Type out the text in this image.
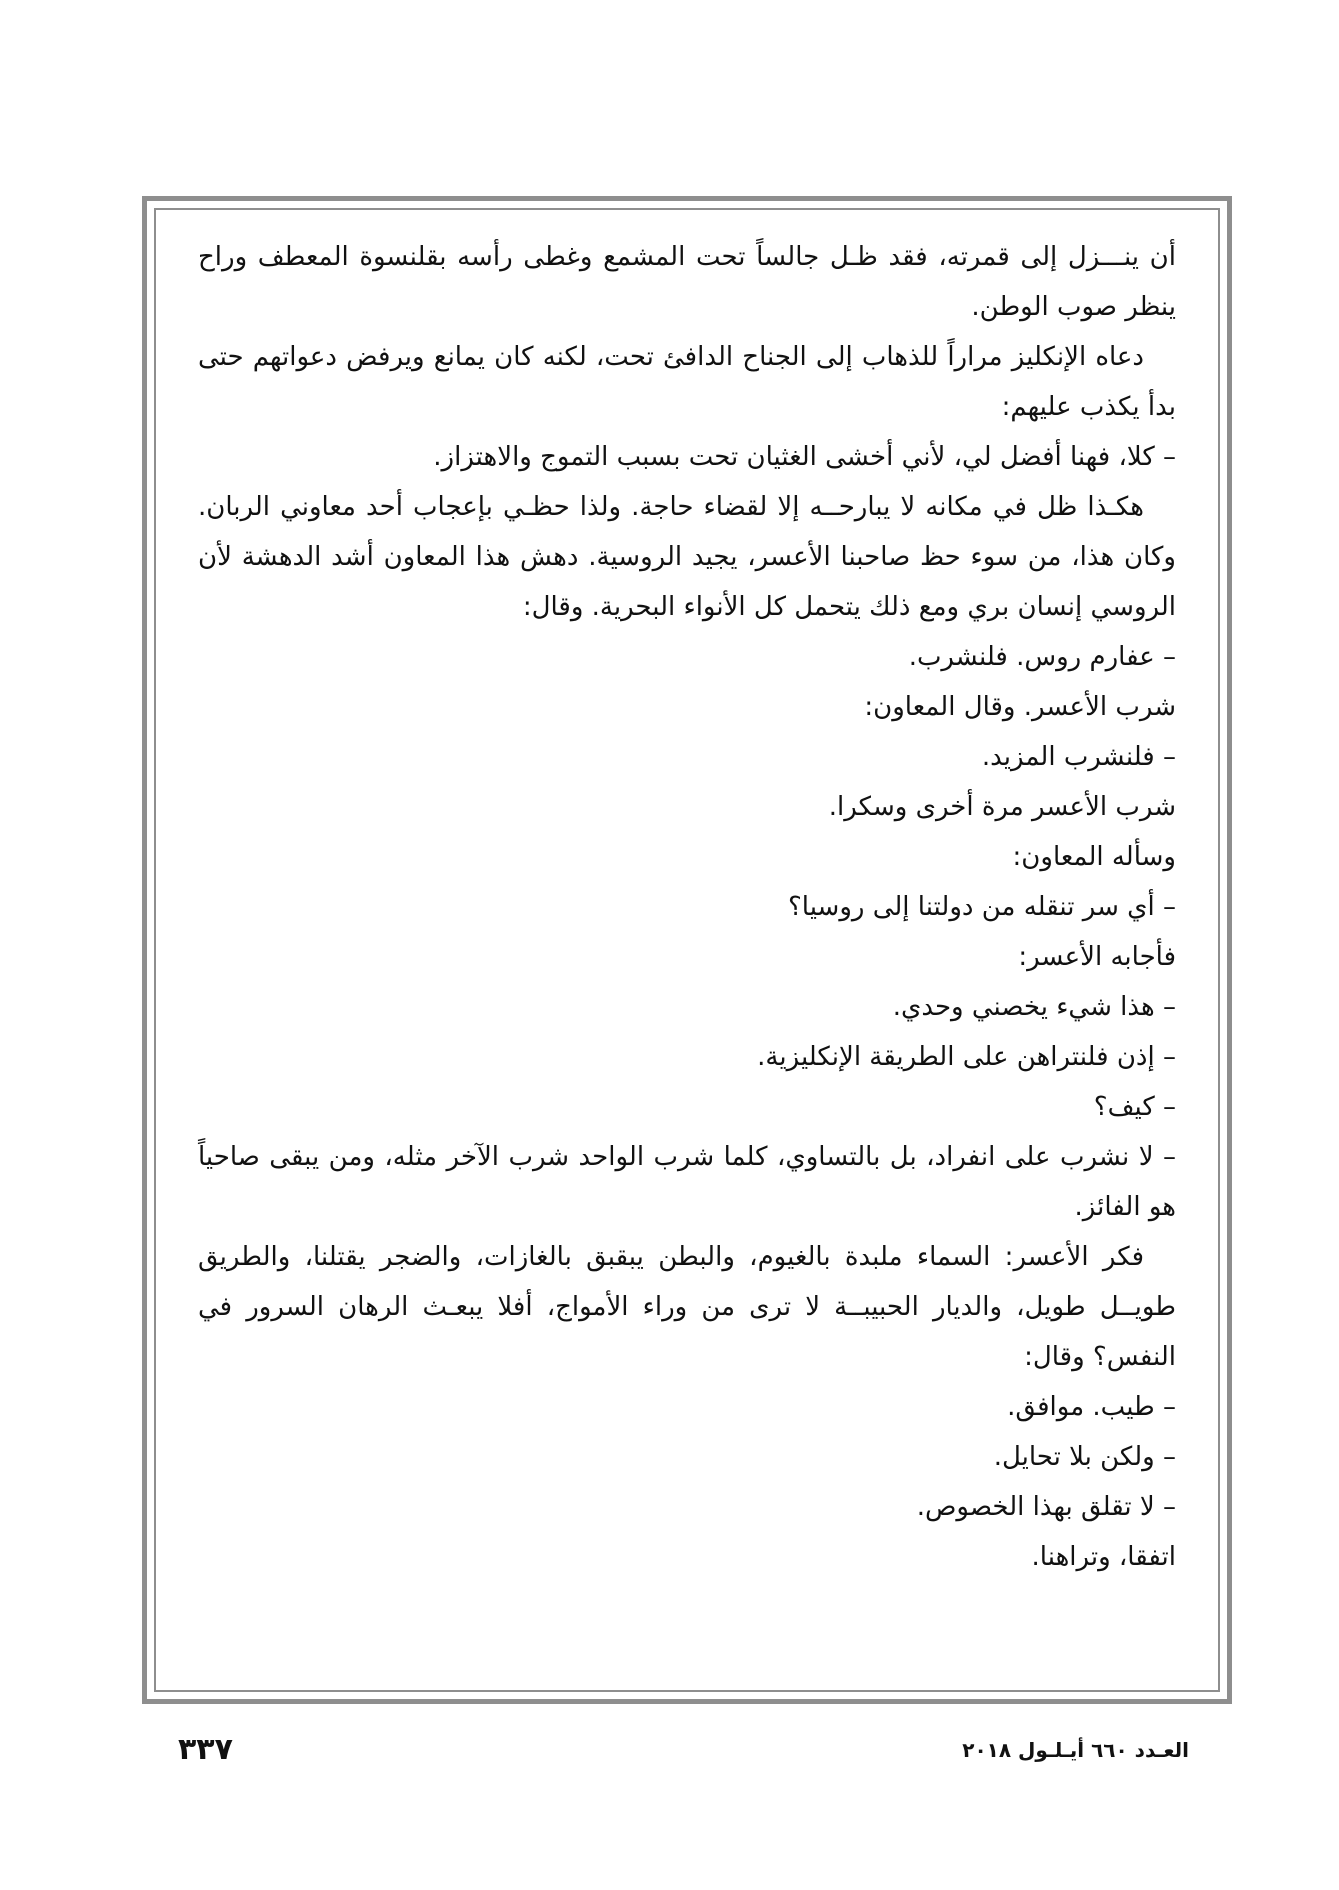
أن ينـــزل إلى قمرته، فقد ظـل جالساً تحت المشمع وغطى رأسه بقلنسوة المعطف وراح ينظر صوب الوطن.

دعاه الإنكليز مراراً للذهاب إلى الجناح الدافئ تحت، لكنه كان يمانع ويرفض دعواتهم حتى بدأ يكذب عليهم:

– كلا، فهنا أفضل لي، لأني أخشى الغثيان تحت بسبب التموج والاهتزاز.

هكـذا ظل في مكانه لا يبارحــه إلا لقضاء حاجة. ولذا حظـي بإعجاب أحد معاوني الربان. وكان هذا، من سوء حظ صاحبنا الأعسر، يجيد الروسية. دهش هذا المعاون أشد الدهشة لأن الروسي إنسان بري ومع ذلك يتحمل كل الأنواء البحرية. وقال:

– عفارم روس. فلنشرب.

شرب الأعسر. وقال المعاون:

– فلنشرب المزيد.

شرب الأعسر مرة أخرى وسكرا.

وسأله المعاون:

– أي سر تنقله من دولتنا إلى روسيا؟

فأجابه الأعسر:

– هذا شيء يخصني وحدي.

– إذن فلنتراهن على الطريقة الإنكليزية.

– كيف؟

– لا نشرب على انفراد، بل بالتساوي، كلما شرب الواحد شرب الآخر مثله، ومن يبقى صاحياً هو الفائز.

فكر الأعسر: السماء ملبدة بالغيوم، والبطن يبقبق بالغازات، والضجر يقتلنا، والطريق طويــل طويل، والديار الحبيبــة لا ترى من وراء الأمواج، أفلا يبعـث الرهان السرور في النفس؟ وقال:

– طيب. موافق.

– ولكن بلا تحايل.

– لا تقلق بهذا الخصوص.

اتفقا، وتراهنا.

العـدد ٦٦٠ أيـلـول ٢٠١٨
٣٣٧
